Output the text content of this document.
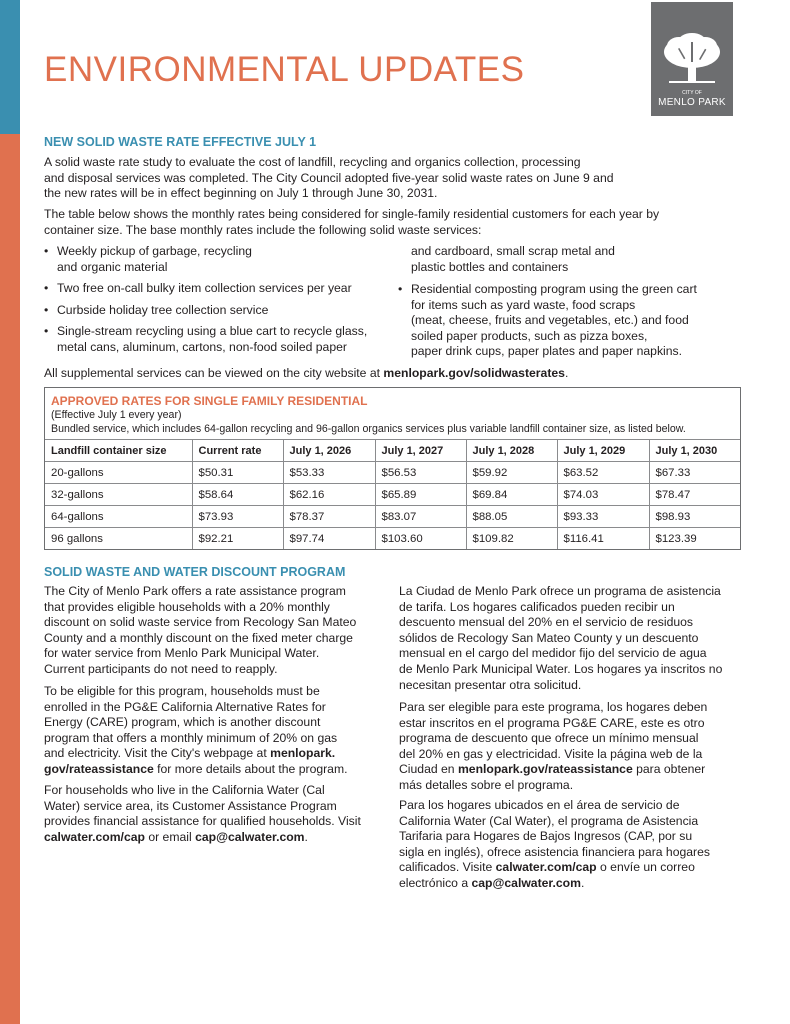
ENVIRONMENTAL UPDATES
CITY OF
MENLO PARK
NEW SOLID WASTE RATE EFFECTIVE JULY 1
A solid waste rate study to evaluate the cost of landfill, recycling and organics collection, processing
and disposal services was completed. The City Council adopted five-year solid waste rates on June 9 and
the new rates will be in effect beginning on July 1 through June 30, 2031.
The table below shows the monthly rates being considered for single-family residential customers for each year by
container size. The base monthly rates include the following solid waste services:
• Weekly pickup of garbage, recycling
and organic material
• Two free on-call bulky item collection services per year
• Curbside holiday tree collection service
• Single-stream recycling using a blue cart to recycle glass,
metal cans, aluminum, cartons, non-food soiled paper
and cardboard, small scrap metal and
plastic bottles and containers
• Residential composting program using the green cart
for items such as yard waste, food scraps
(meat, cheese, fruits and vegetables, etc.) and food
soiled paper products, such as pizza boxes,
paper drink cups, paper plates and paper napkins.
All supplemental services can be viewed on the city website at menlopark.gov/solidwasterates.
APPROVED RATES FOR SINGLE FAMILY RESIDENTIAL
(Effective July 1 every year)
Bundled service, which includes 64-gallon recycling and 96-gallon organics services plus variable landfill container size, as listed below.
Landfill container size	Current rate	July 1, 2026	July 1, 2027	July 1, 2028	July 1, 2029	July 1, 2030
20-gallons	$50.31	$53.33	$56.53	$59.92	$63.52	$67.33
32-gallons	$58.64	$62.16	$65.89	$69.84	$74.03	$78.47
64-gallons	$73.93	$78.37	$83.07	$88.05	$93.33	$98.93
96 gallons	$92.21	$97.74	$103.60	$109.82	$116.41	$123.39
SOLID WASTE AND WATER DISCOUNT PROGRAM
The City of Menlo Park offers a rate assistance program
that provides eligible households with a 20% monthly
discount on solid waste service from Recology San Mateo
County and a monthly discount on the fixed meter charge
for water service from Menlo Park Municipal Water.
Current participants do not need to reapply.
To be eligible for this program, households must be
enrolled in the PG&E California Alternative Rates for
Energy (CARE) program, which is another discount
program that offers a monthly minimum of 20% on gas
and electricity. Visit the City's webpage at menlopark.
gov/rateassistance for more details about the program.
For households who live in the California Water (Cal
Water) service area, its Customer Assistance Program
provides financial assistance for qualified households. Visit
calwater.com/cap or email cap@calwater.com.
La Ciudad de Menlo Park ofrece un programa de asistencia
de tarifa. Los hogares calificados pueden recibir un
descuento mensual del 20% en el servicio de residuos
sólidos de Recology San Mateo County y un descuento
mensual en el cargo del medidor fijo del servicio de agua
de Menlo Park Municipal Water. Los hogares ya inscritos no
necesitan presentar otra solicitud.
Para ser elegible para este programa, los hogares deben
estar inscritos en el programa PG&E CARE, este es otro
programa de descuento que ofrece un mínimo mensual
del 20% en gas y electricidad. Visite la página web de la
Ciudad en menlopark.gov/rateassistance para obtener
más detalles sobre el programa.
Para los hogares ubicados en el área de servicio de
California Water (Cal Water), el programa de Asistencia
Tarifaria para Hogares de Bajos Ingresos (CAP, por su
sigla en inglés), ofrece asistencia financiera para hogares
calificados. Visite calwater.com/cap o envíe un correo
electrónico a cap@calwater.com.
